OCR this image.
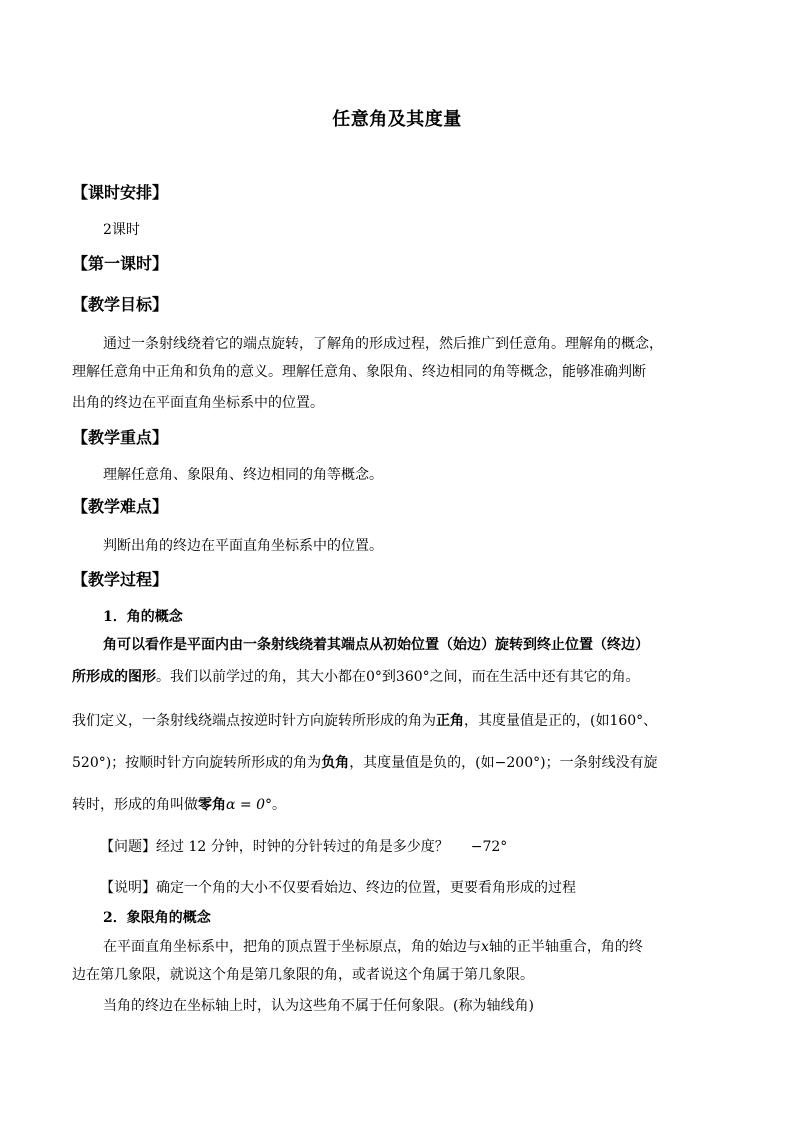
任意角及其度量
【课时安排】
2课时
【第一课时】
【教学目标】
通过一条射线绕着它的端点旋转，了解角的形成过程，然后推广到任意角。理解角的概念，
理解任意角中正角和负角的意义。理解任意角、象限角、终边相同的角等概念，能够准确判断
出角的终边在平面直角坐标系中的位置。
【教学重点】
理解任意角、象限角、终边相同的角等概念。
【教学难点】
判断出角的终边在平面直角坐标系中的位置。
【教学过程】
1．角的概念
角可以看作是平面内由一条射线绕着其端点从初始位置（始边）旋转到终止位置（终边）
所形成的图形。我们以前学过的角，其大小都在0°到360°之间，而在生活中还有其它的角。
我们定义，一条射线绕端点按逆时针方向旋转所形成的角为正角，其度量值是正的，(如160°、
520°)；按顺时针方向旋转所形成的角为负角，其度量值是负的，(如−200°)；一条射线没有旋
转时，形成的角叫做零角α = 0°。
【问题】经过 12 分钟，时钟的分针转过的角是多少度？ −72°
【说明】确定一个角的大小不仅要看始边、终边的位置，更要看角形成的过程
2．象限角的概念
在平面直角坐标系中，把角的顶点置于坐标原点，角的始边与x轴的正半轴重合，角的终
边在第几象限，就说这个角是第几象限的角，或者说这个角属于第几象限。
当角的终边在坐标轴上时，认为这些角不属于任何象限。(称为轴线角)
